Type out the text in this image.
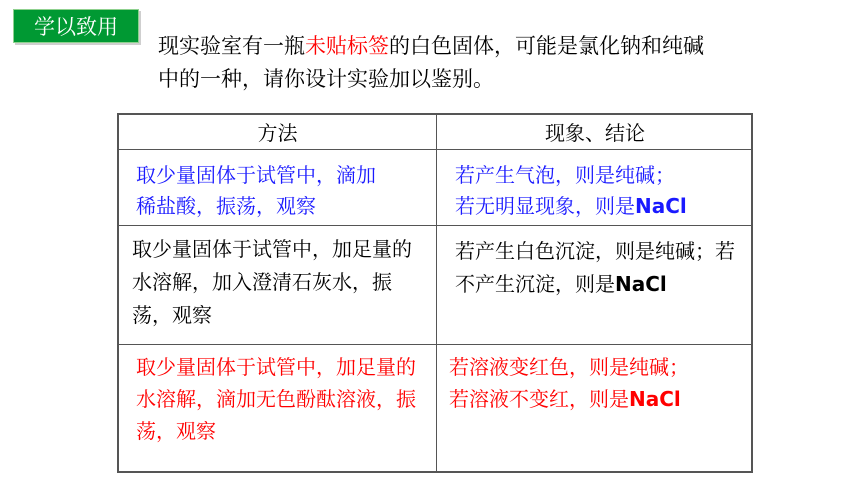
学以致用
现实验室有一瓶未贴标签的白色固体，可能是氯化钠和纯碱中的一种，请你设计实验加以鉴别。
方法	现象、结论
取少量固体于试管中，滴加稀盐酸，振荡，观察
若产生气泡，则是纯碱；
若无明显现象，则是NaCl
取少量固体于试管中，加足量的水溶解，加入澄清石灰水，振荡，观察
若产生白色沉淀，则是纯碱；若不产生沉淀，则是NaCl
取少量固体于试管中，加足量的水溶解，滴加无色酚酞溶液，振荡，观察
若溶液变红色，则是纯碱；
若溶液不变红，则是NaCl
